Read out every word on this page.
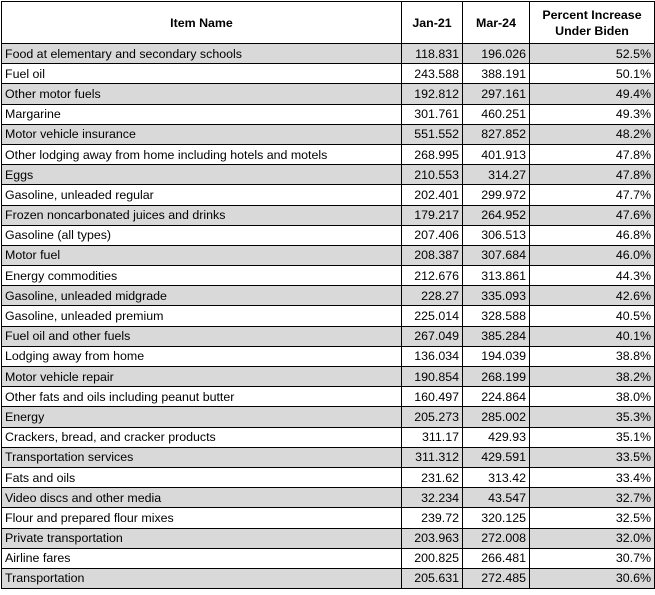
Item Name	Jan-21	Mar-24	Percent Increase Under Biden
Food at elementary and secondary schools	118.831	196.026	52.5%
Fuel oil	243.588	388.191	50.1%
Other motor fuels	192.812	297.161	49.4%
Margarine	301.761	460.251	49.3%
Motor vehicle insurance	551.552	827.852	48.2%
Other lodging away from home including hotels and motels	268.995	401.913	47.8%
Eggs	210.553	314.27	47.8%
Gasoline, unleaded regular	202.401	299.972	47.7%
Frozen noncarbonated juices and drinks	179.217	264.952	47.6%
Gasoline (all types)	207.406	306.513	46.8%
Motor fuel	208.387	307.684	46.0%
Energy commodities	212.676	313.861	44.3%
Gasoline, unleaded midgrade	228.27	335.093	42.6%
Gasoline, unleaded premium	225.014	328.588	40.5%
Fuel oil and other fuels	267.049	385.284	40.1%
Lodging away from home	136.034	194.039	38.8%
Motor vehicle repair	190.854	268.199	38.2%
Other fats and oils including peanut butter	160.497	224.864	38.0%
Energy	205.273	285.002	35.3%
Crackers, bread, and cracker products	311.17	429.93	35.1%
Transportation services	311.312	429.591	33.5%
Fats and oils	231.62	313.42	33.4%
Video discs and other media	32.234	43.547	32.7%
Flour and prepared flour mixes	239.72	320.125	32.5%
Private transportation	203.963	272.008	32.0%
Airline fares	200.825	266.481	30.7%
Transportation	205.631	272.485	30.6%
